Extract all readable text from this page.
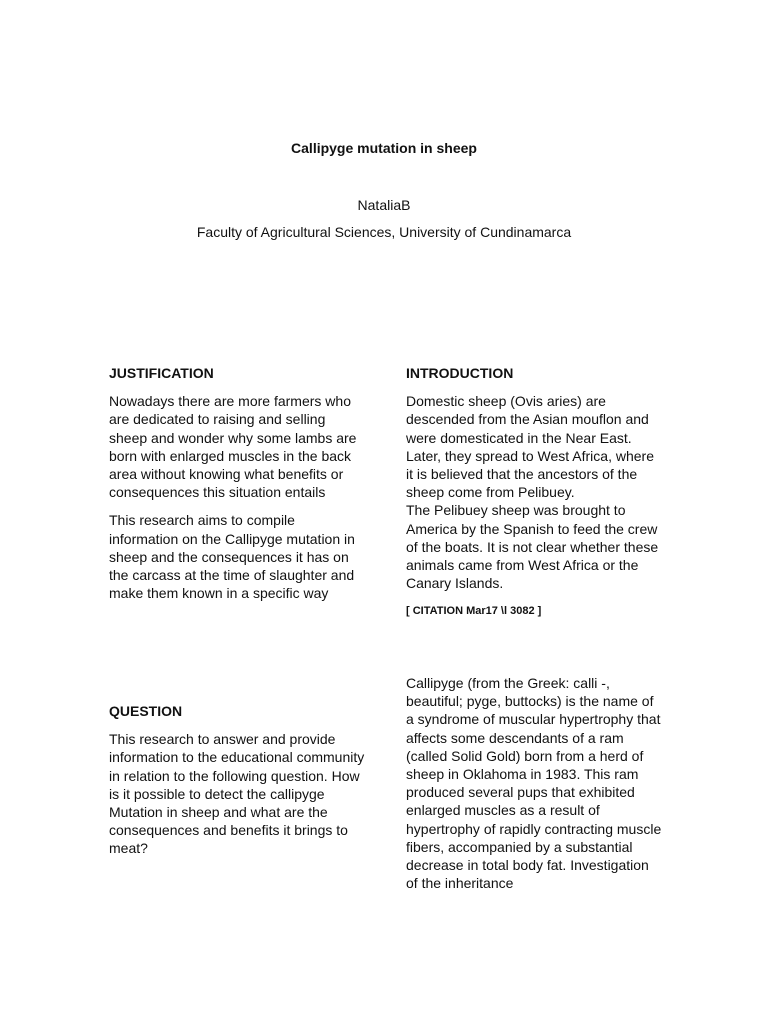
Callipyge mutation in sheep
NataliaB
Faculty of Agricultural Sciences, University of Cundinamarca

JUSTIFICATION

Nowadays there are more farmers who are dedicated to raising and selling sheep and wonder why some lambs are born with enlarged muscles in the back area without knowing what benefits or consequences this situation entails

This research aims to compile information on the Callipyge mutation in sheep and the consequences it has on the carcass at the time of slaughter and make them known in a specific way

QUESTION

This research to answer and provide information to the educational community in relation to the following question. How is it possible to detect the callipyge Mutation in sheep and what are the consequences and benefits it brings to meat?

INTRODUCTION

Domestic sheep (Ovis aries) are descended from the Asian mouflon and were domesticated in the Near East. Later, they spread to West Africa, where it is believed that the ancestors of the sheep come from Pelibuey.

The Pelibuey sheep was brought to America by the Spanish to feed the crew of the boats. It is not clear whether these animals came from West Africa or the Canary Islands.

[ CITATION Mar17 \l 3082 ]

Callipyge (from the Greek: calli -, beautiful; pyge, buttocks) is the name of a syndrome of muscular hypertrophy that affects some descendants of a ram (called Solid Gold) born from a herd of sheep in Oklahoma in 1983. This ram produced several pups that exhibited enlarged muscles as a result of hypertrophy of rapidly contracting muscle fibers, accompanied by a substantial decrease in total body fat. Investigation of the inheritance
